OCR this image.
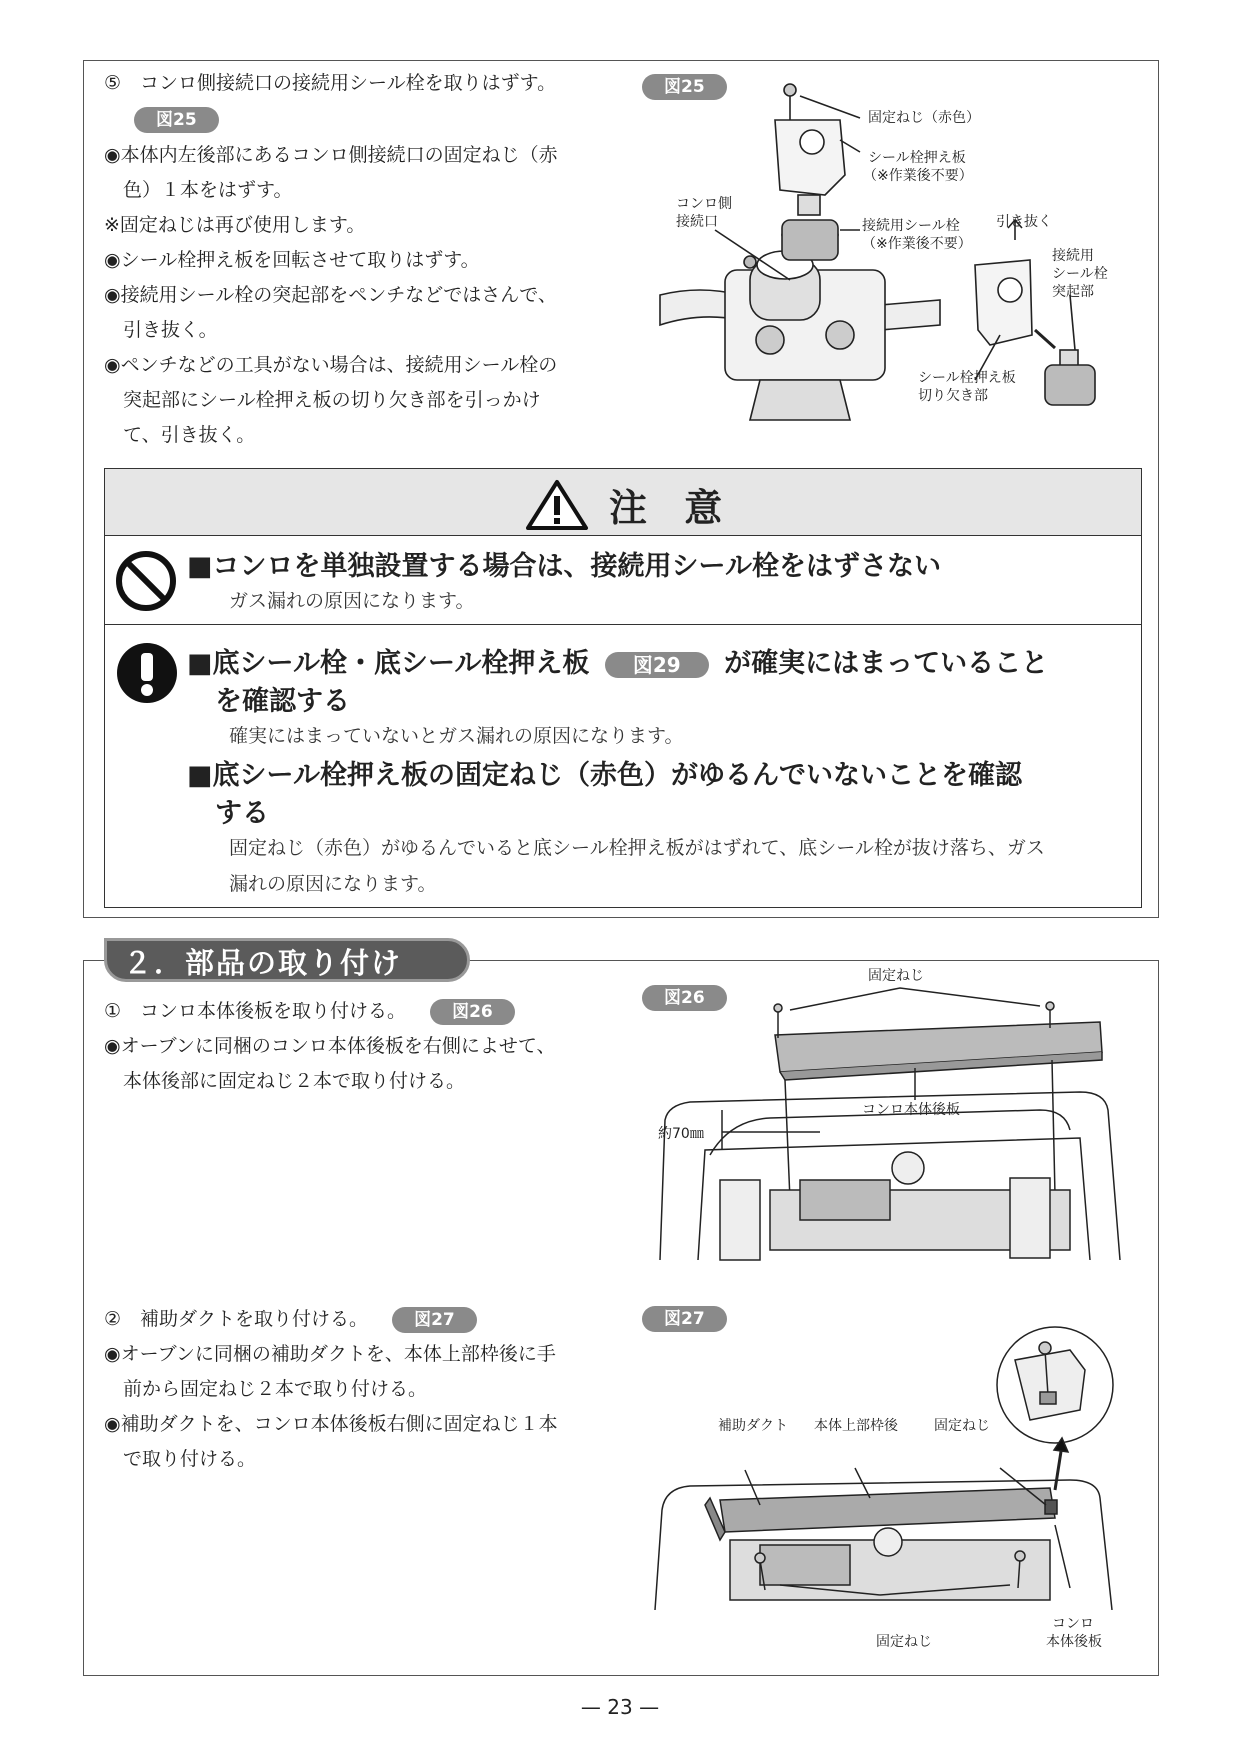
⑤　コンロ側接続口の接続用シール栓を取りはずす。
図25
◉本体内左後部にあるコンロ側接続口の固定ねじ（赤
　色）１本をはずす。
※固定ねじは再び使用します。
◉シール栓押え板を回転させて取りはずす。
◉接続用シール栓の突起部をペンチなどではさんで、
　引き抜く。
◉ペンチなどの工具がない場合は、接続用シール栓の
　突起部にシール栓押え板の切り欠き部を引っかけ
　て、引き抜く。
図25
固定ねじ（赤色）
シール栓押え板
（※作業後不要）
コンロ側
接続口	接続用シール栓
（※作業後不要）
引き抜く
接続用
シール栓
突起部
シール栓押え板
切り欠き部
注 意
■コンロを単独設置する場合は、接続用シール栓をはずさない
ガス漏れの原因になります。
■底シール栓・底シール栓押え板 図29 が確実にはまっていること
を確認する
確実にはまっていないとガス漏れの原因になります。
■底シール栓押え板の固定ねじ（赤色）がゆるんでいないことを確認
する
固定ねじ（赤色）がゆるんでいると底シール栓押え板がはずれて、底シール栓が抜け落ち、ガス
漏れの原因になります。
２．部品の取り付け
①　コンロ本体後板を取り付ける。	図26
◉オーブンに同梱のコンロ本体後板を右側によせて、
　本体後部に固定ねじ２本で取り付ける。
図26
固定ねじ
コンロ本体後板
約70㎜
②　補助ダクトを取り付ける。	図27
◉オーブンに同梱の補助ダクトを、本体上部枠後に手
　前から固定ねじ２本で取り付ける。
◉補助ダクトを、コンロ本体後板右側に固定ねじ１本
　で取り付ける。
図27
補助ダクト 本体上部枠後	固定ねじ
固定ねじ
コンロ
本体後板
— 23 —
